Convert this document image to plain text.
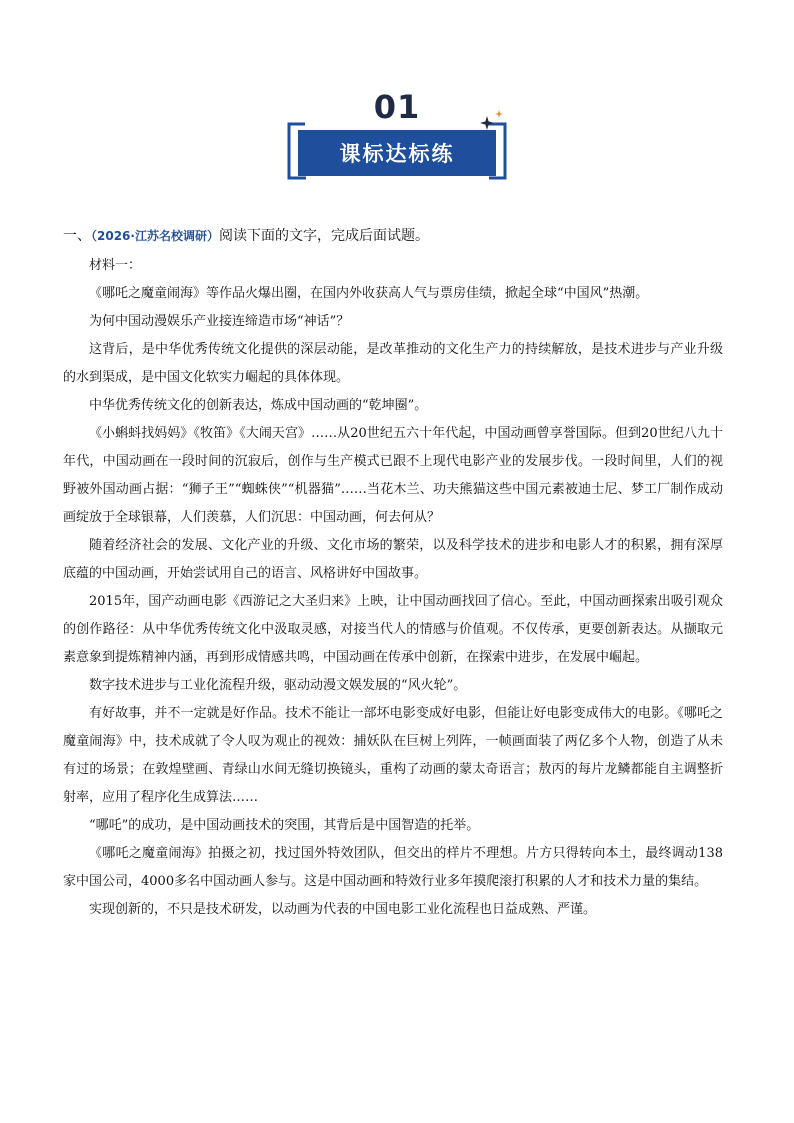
01
课标达标练

一、（2026·江苏名校调研）阅读下面的文字，完成后面试题。

材料一：

《哪吒之魔童闹海》等作品火爆出圈，在国内外收获高人气与票房佳绩，掀起全球“中国风”热潮。

为何中国动漫娱乐产业接连缔造市场“神话”？

这背后，是中华优秀传统文化提供的深层动能，是改革推动的文化生产力的持续解放，是技术进步与产业升级的水到渠成，是中国文化软实力崛起的具体体现。

中华优秀传统文化的创新表达，炼成中国动画的“乾坤圈”。

《小蝌蚪找妈妈》《牧笛》《大闹天宫》……从20世纪五六十年代起，中国动画曾享誉国际。但到20世纪八九十年代，中国动画在一段时间的沉寂后，创作与生产模式已跟不上现代电影产业的发展步伐。一段时间里，人们的视野被外国动画占据：“狮子王”“蜘蛛侠”“机器猫”……当花木兰、功夫熊猫这些中国元素被迪士尼、梦工厂制作成动画绽放于全球银幕，人们羡慕，人们沉思：中国动画，何去何从？

随着经济社会的发展、文化产业的升级、文化市场的繁荣，以及科学技术的进步和电影人才的积累，拥有深厚底蕴的中国动画，开始尝试用自己的语言、风格讲好中国故事。

2015年，国产动画电影《西游记之大圣归来》上映，让中国动画找回了信心。至此，中国动画探索出吸引观众的创作路径：从中华优秀传统文化中汲取灵感，对接当代人的情感与价值观。不仅传承，更要创新表达。从撷取元素意象到提炼精神内涵，再到形成情感共鸣，中国动画在传承中创新，在探索中进步，在发展中崛起。

数字技术进步与工业化流程升级，驱动动漫文娱发展的“风火轮”。

有好故事，并不一定就是好作品。技术不能让一部坏电影变成好电影，但能让好电影变成伟大的电影。《哪吒之魔童闹海》中，技术成就了令人叹为观止的视效：捕妖队在巨树上列阵，一帧画面装了两亿多个人物，创造了从未有过的场景；在敦煌壁画、青绿山水间无缝切换镜头，重构了动画的蒙太奇语言；敖丙的每片龙鳞都能自主调整折射率，应用了程序化生成算法……

“哪吒”的成功，是中国动画技术的突围，其背后是中国智造的托举。

《哪吒之魔童闹海》拍摄之初，找过国外特效团队，但交出的样片不理想。片方只得转向本土，最终调动138家中国公司，4000多名中国动画人参与。这是中国动画和特效行业多年摸爬滚打积累的人才和技术力量的集结。

实现创新的，不只是技术研发，以动画为代表的中国电影工业化流程也日益成熟、严谨。
